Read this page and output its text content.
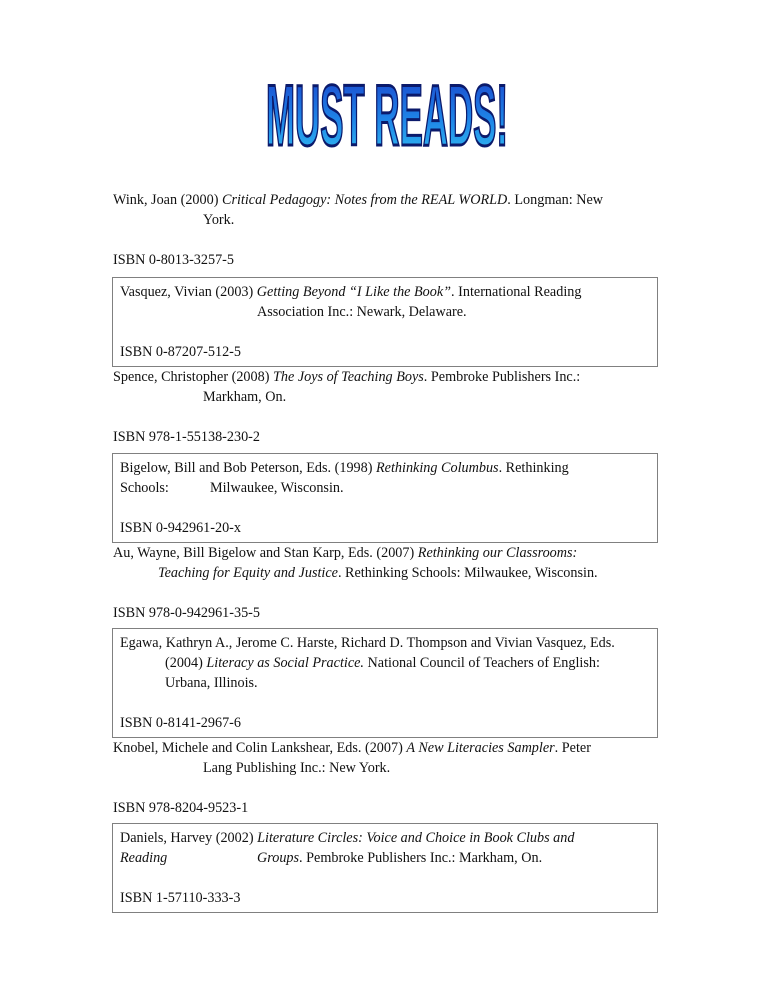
MUST READS!
Wink, Joan (2000) Critical Pedagogy: Notes from the REAL WORLD. Longman: New
York.
ISBN 0-8013-3257-5
Vasquez, Vivian (2003) Getting Beyond “I Like the Book”. International Reading
Association Inc.: Newark, Delaware.
ISBN 0-87207-512-5
Spence, Christopher (2008) The Joys of Teaching Boys. Pembroke Publishers Inc.:
Markham, On.
ISBN 978-1-55138-230-2
Bigelow, Bill and Bob Peterson, Eds. (1998) Rethinking Columbus. Rethinking
Schools:	Milwaukee, Wisconsin.
ISBN 0-942961-20-x
Au, Wayne, Bill Bigelow and Stan Karp, Eds. (2007) Rethinking our Classrooms:
Teaching for Equity and Justice. Rethinking Schools: Milwaukee, Wisconsin.
ISBN 978-0-942961-35-5
Egawa, Kathryn A., Jerome C. Harste, Richard D. Thompson and Vivian Vasquez, Eds.
(2004) Literacy as Social Practice. National Council of Teachers of English:
Urbana, Illinois.
ISBN 0-8141-2967-6
Knobel, Michele and Colin Lankshear, Eds. (2007) A New Literacies Sampler. Peter
Lang Publishing Inc.: New York.
ISBN 978-8204-9523-1
Daniels, Harvey (2002) Literature Circles: Voice and Choice in Book Clubs and
Reading	Groups. Pembroke Publishers Inc.: Markham, On.
ISBN 1-57110-333-3
